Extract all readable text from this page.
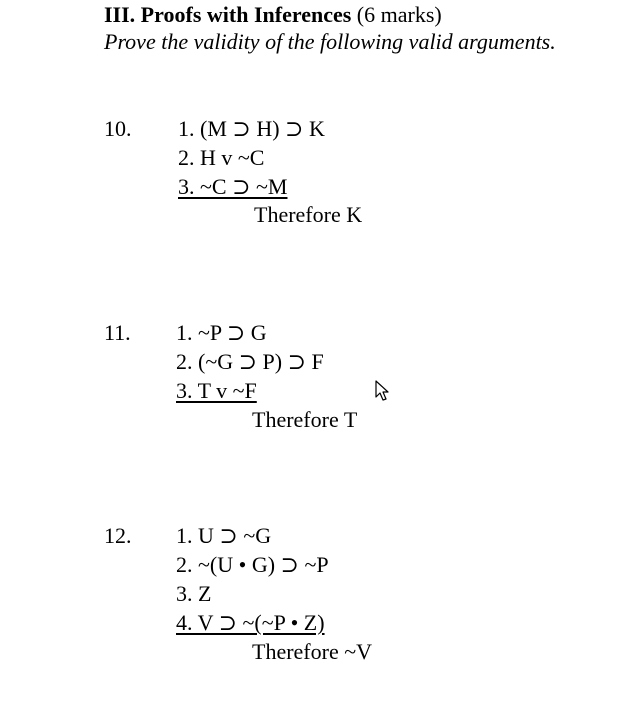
III. Proofs with Inferences (6 marks)
Prove the validity of the following valid arguments.
10. 1. (M ⊃ H) ⊃ K
2. H v ~C
3. ~C ⊃ ~M
Therefore K
11. 1. ~P ⊃ G
2. (~G ⊃ P) ⊃ F
3. T v ~F
Therefore T
12. 1. U ⊃ ~G
2. ~(U • G) ⊃ ~P
3. Z
4. V ⊃ ~(~P • Z)
Therefore ~V
